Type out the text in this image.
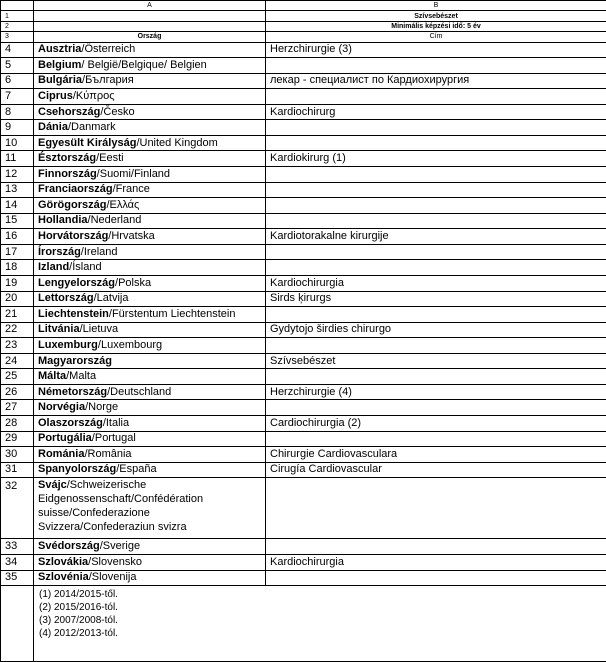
	A	B
1		Szívsebészet
2		Minimális képzési idő: 5 év
3	Ország	Cím
4	Ausztria/Österreich	Herzchirurgie (3)
5	Belgium/ België/Belgique/ Belgien	
6	Bulgária/България	лекар - специалист по Кардиохирургия
7	Ciprus/Κύπρος	
8	Csehország/Česko	Kardiochirurg
9	Dánia/Danmark	
10	Egyesült Királyság/United Kingdom	
11	Észtország/Eesti	Kardiokirurg (1)
12	Finnország/Suomi/Finland	
13	Franciaország/France	
14	Görögország/Ελλάς	
15	Hollandia/Nederland	
16	Horvátország/Hrvatska	Kardiotorakalne kirurgije
17	Írország/Ireland	
18	Izland/Ísland	
19	Lengyelország/Polska	Kardiochirurgia
20	Lettország/Latvija	Sirds ķirurgs
21	Liechtenstein/Fürstentum Liechtenstein	
22	Litvánia/Lietuva	Gydytojo širdies chirurgo
23	Luxemburg/Luxembourg	
24	Magyarország	Szívsebészet
25	Málta/Malta	
26	Németország/Deutschland	Herzchirurgie (4)
27	Norvégia/Norge	
28	Olaszország/Italia	Cardiochirurgia (2)
29	Portugália/Portugal	
30	Románia/România	Chirurgie Cardiovasculara
31	Spanyolország/España	Cirugía Cardiovascular
32	Svájc/Schweizerische
Eidgenossenschaft/Confédération
suisse/Confederazione
Svizzera/Confederaziun svizra	
33	Svédország/Sverige	
34	Szlovákia/Slovensko	Kardiochirurgia
35	Szlovénia/Slovenija	

	(1) 2014/2015-től.
(2) 2015/2016-tól.
(3) 2007/2008-tól.
(4) 2012/2013-tól.	
